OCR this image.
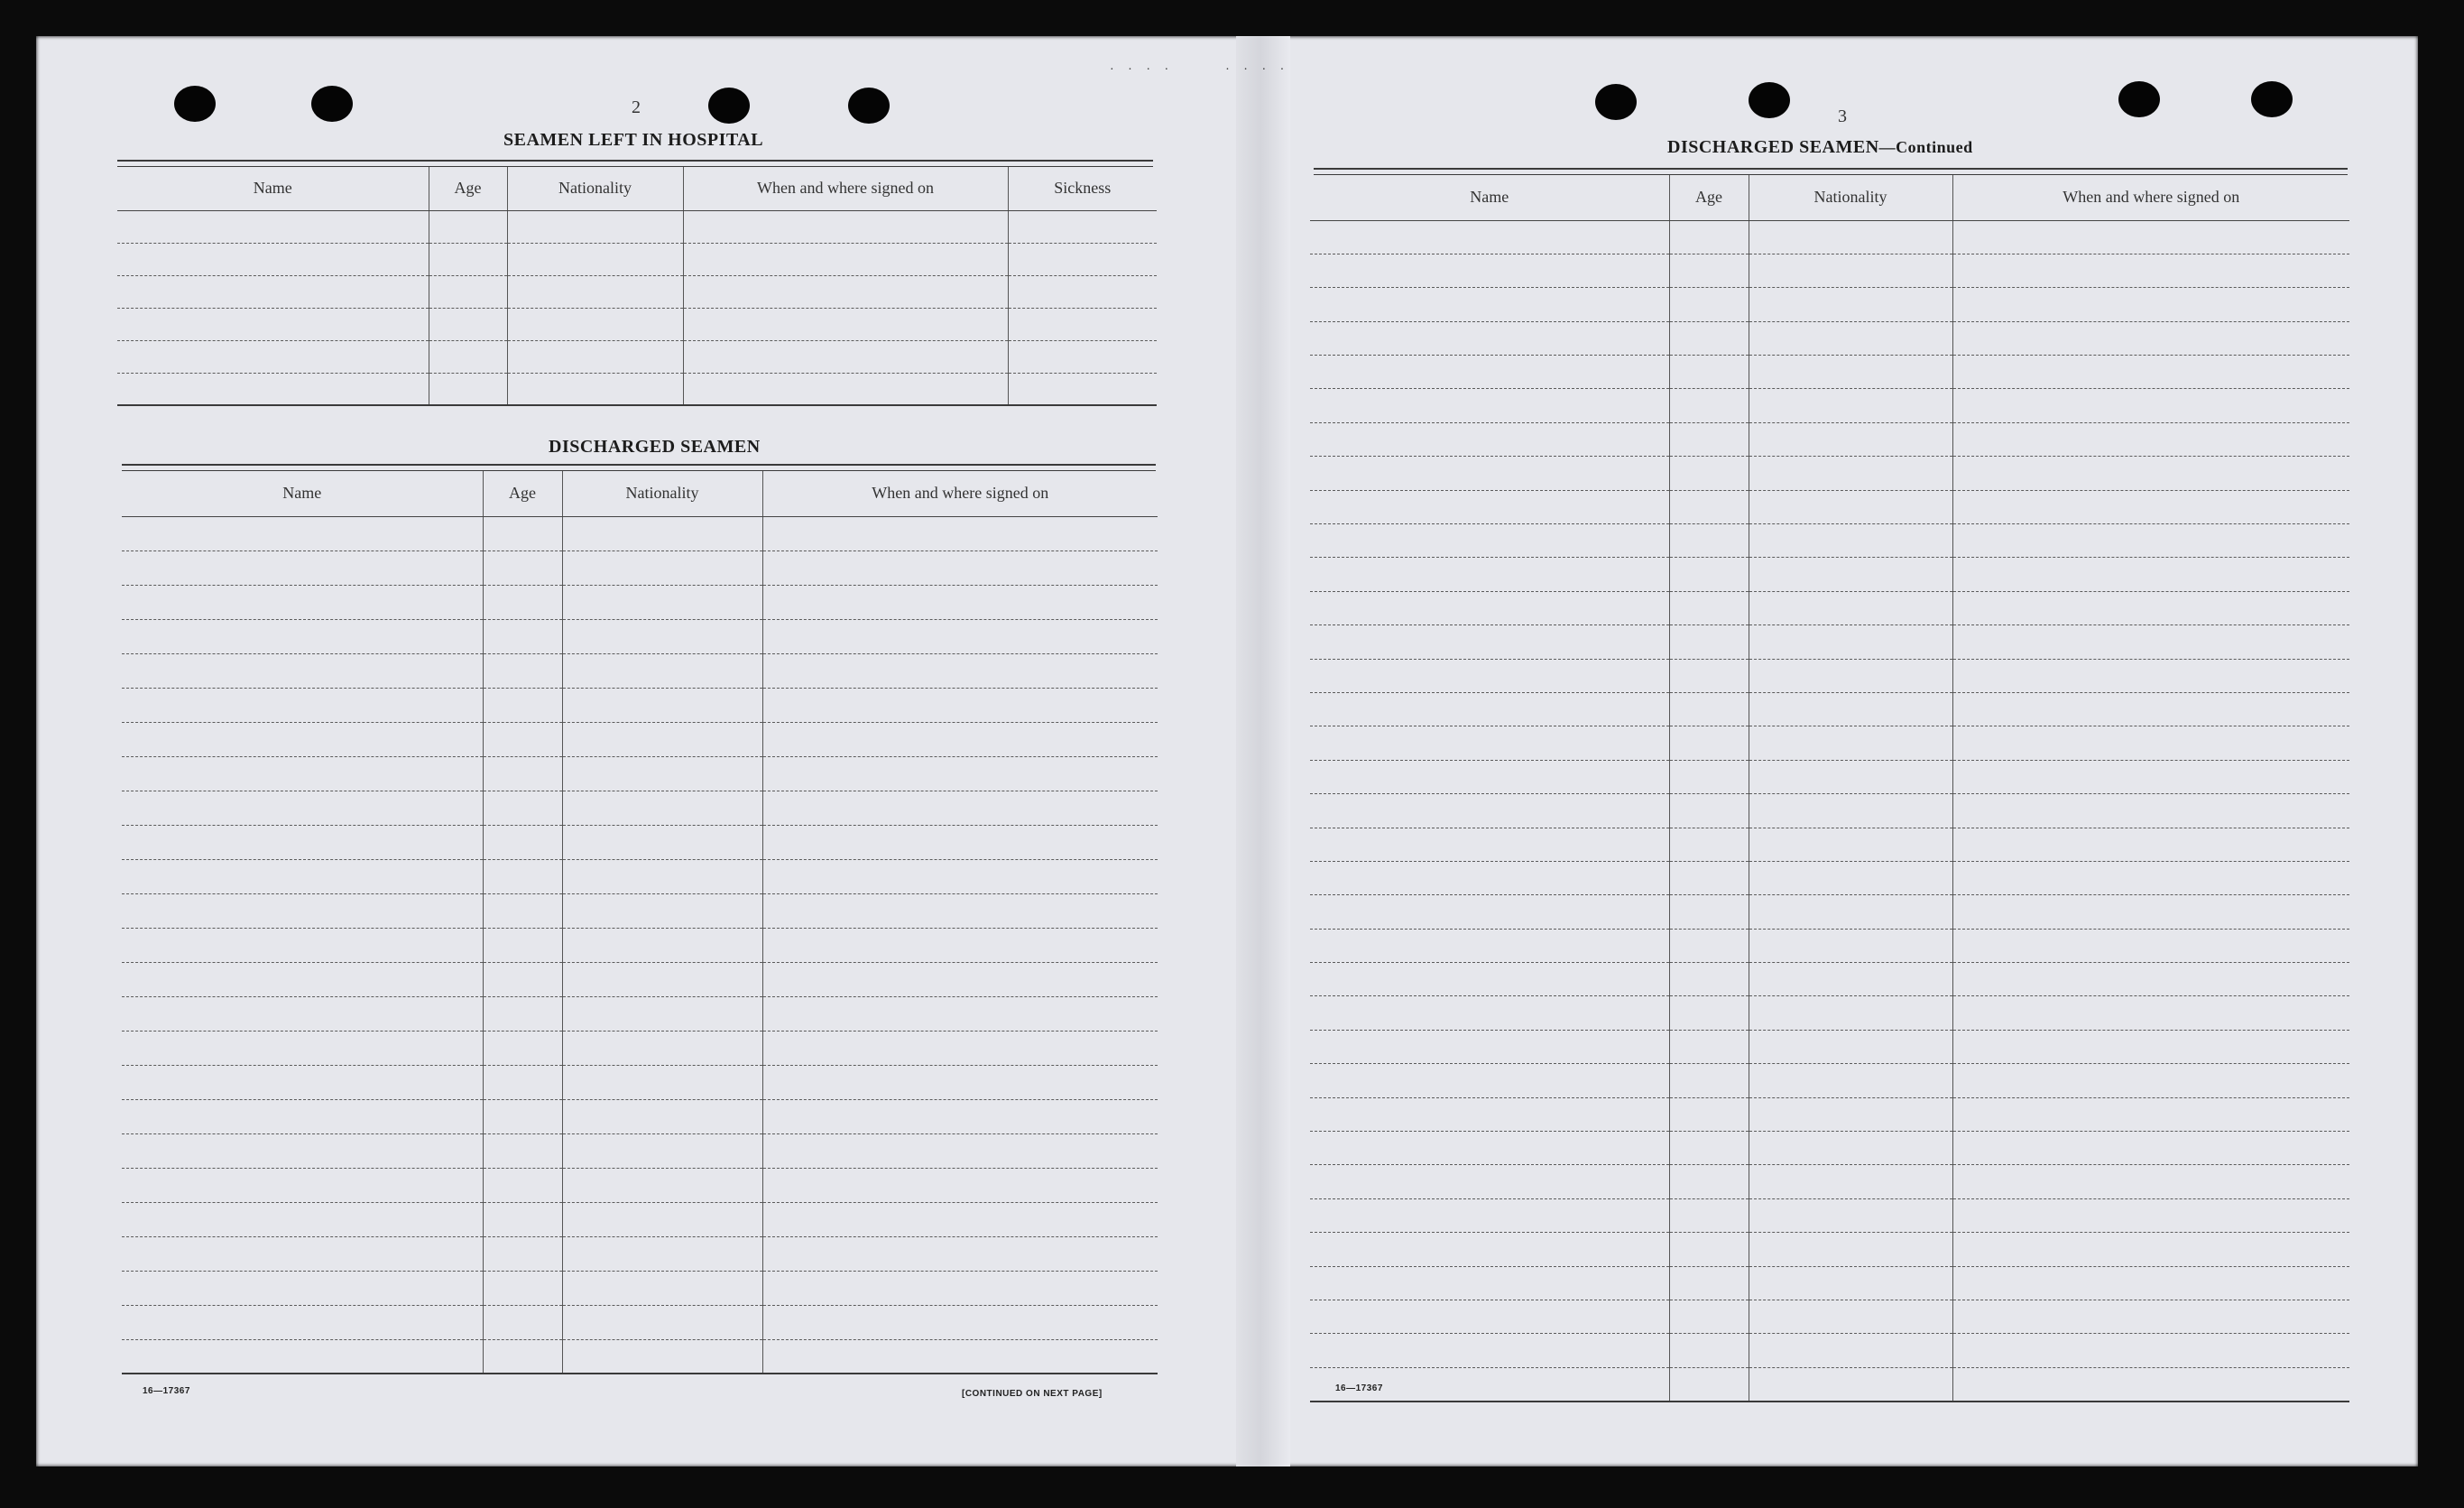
· · · ·      · · · ·
2
SEAMEN LEFT IN HOSPITAL
Name	Age	Nationality	When and where signed on	Sickness

DISCHARGED SEAMEN
Name	Age	Nationality	When and where signed on

16—17367	[CONTINUED ON NEXT PAGE]
3
DISCHARGED SEAMEN—Continued
Name	Age	Nationality	When and where signed on

16—17367
